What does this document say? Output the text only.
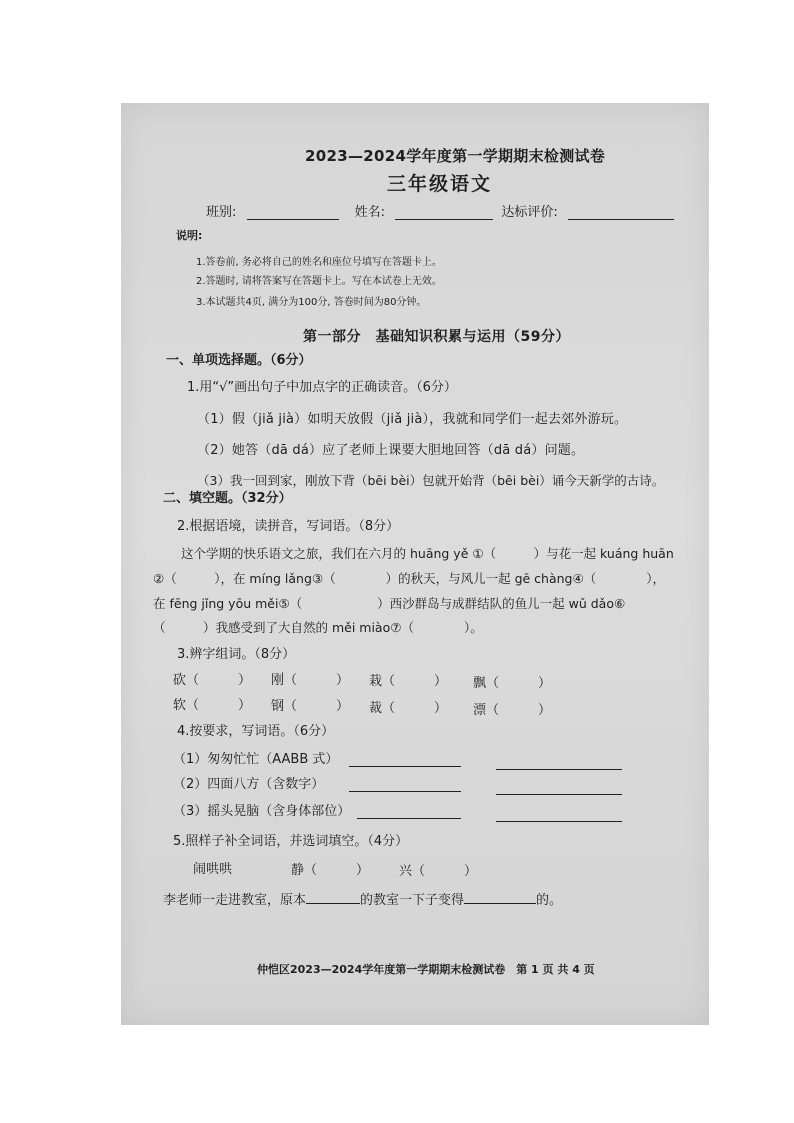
2023—2024学年度第一学期期末检测试卷
三年级语文
班别:	姓名:	达标评价:
说明:
1.答卷前, 务必将自己的姓名和座位号填写在答题卡上。
2.答题时, 请将答案写在答题卡上。写在本试卷上无效。
3.本试题共4页, 满分为100分, 答卷时间为80分钟。
第一部分　基础知识积累与运用（59分）
一、单项选择题。（6分）
1.用“√”画出句子中加点字的正确读音。（6分）
（1）假（jiǎ jià）如明天放假（jiǎ jià），我就和同学们一起去郊外游玩。
（2）她答（dā dá）应了老师上课要大胆地回答（dā dá）问题。
（3）我一回到家，刚放下背（bēi bèi）包就开始背（bēi bèi）诵今天新学的古诗。
二、填空题。（32分）
2.根据语境，读拼音，写词语。（8分）
这个学期的快乐语文之旅，我们在六月的 huāng yě ①（　　　）与花一起 kuáng huān
②（　　　），在 míng lǎng③（　　　　）的秋天，与风儿一起 gē chàng④（　　　　），
在 fēng jǐng yōu měi⑤（　　　　　　）西沙群岛与成群结队的鱼儿一起 wǔ dǎo⑥
（　　　）我感受到了大自然的 měi miào⑦（　　　　）。
3.辨字组词。（8分）
砍（　　　） 刚（　　　） 栽（　　　） 飘（　　　）
软（　　　） 钢（　　　） 裁（　　　） 漂（　　　）
4.按要求，写词语。（6分）
（1）匆匆忙忙（AABB 式）
（2）四面八方（含数字）
（3）摇头晃脑（含身体部位）
5.照样子补全词语，并选词填空。（4分）
闹哄哄	静（　　　） 兴（　　　）
李老师一走进教室，原本	的教室一下子变得	的。
仲恺区2023—2024学年度第一学期期末检测试卷　第 1 页 共 4 页
